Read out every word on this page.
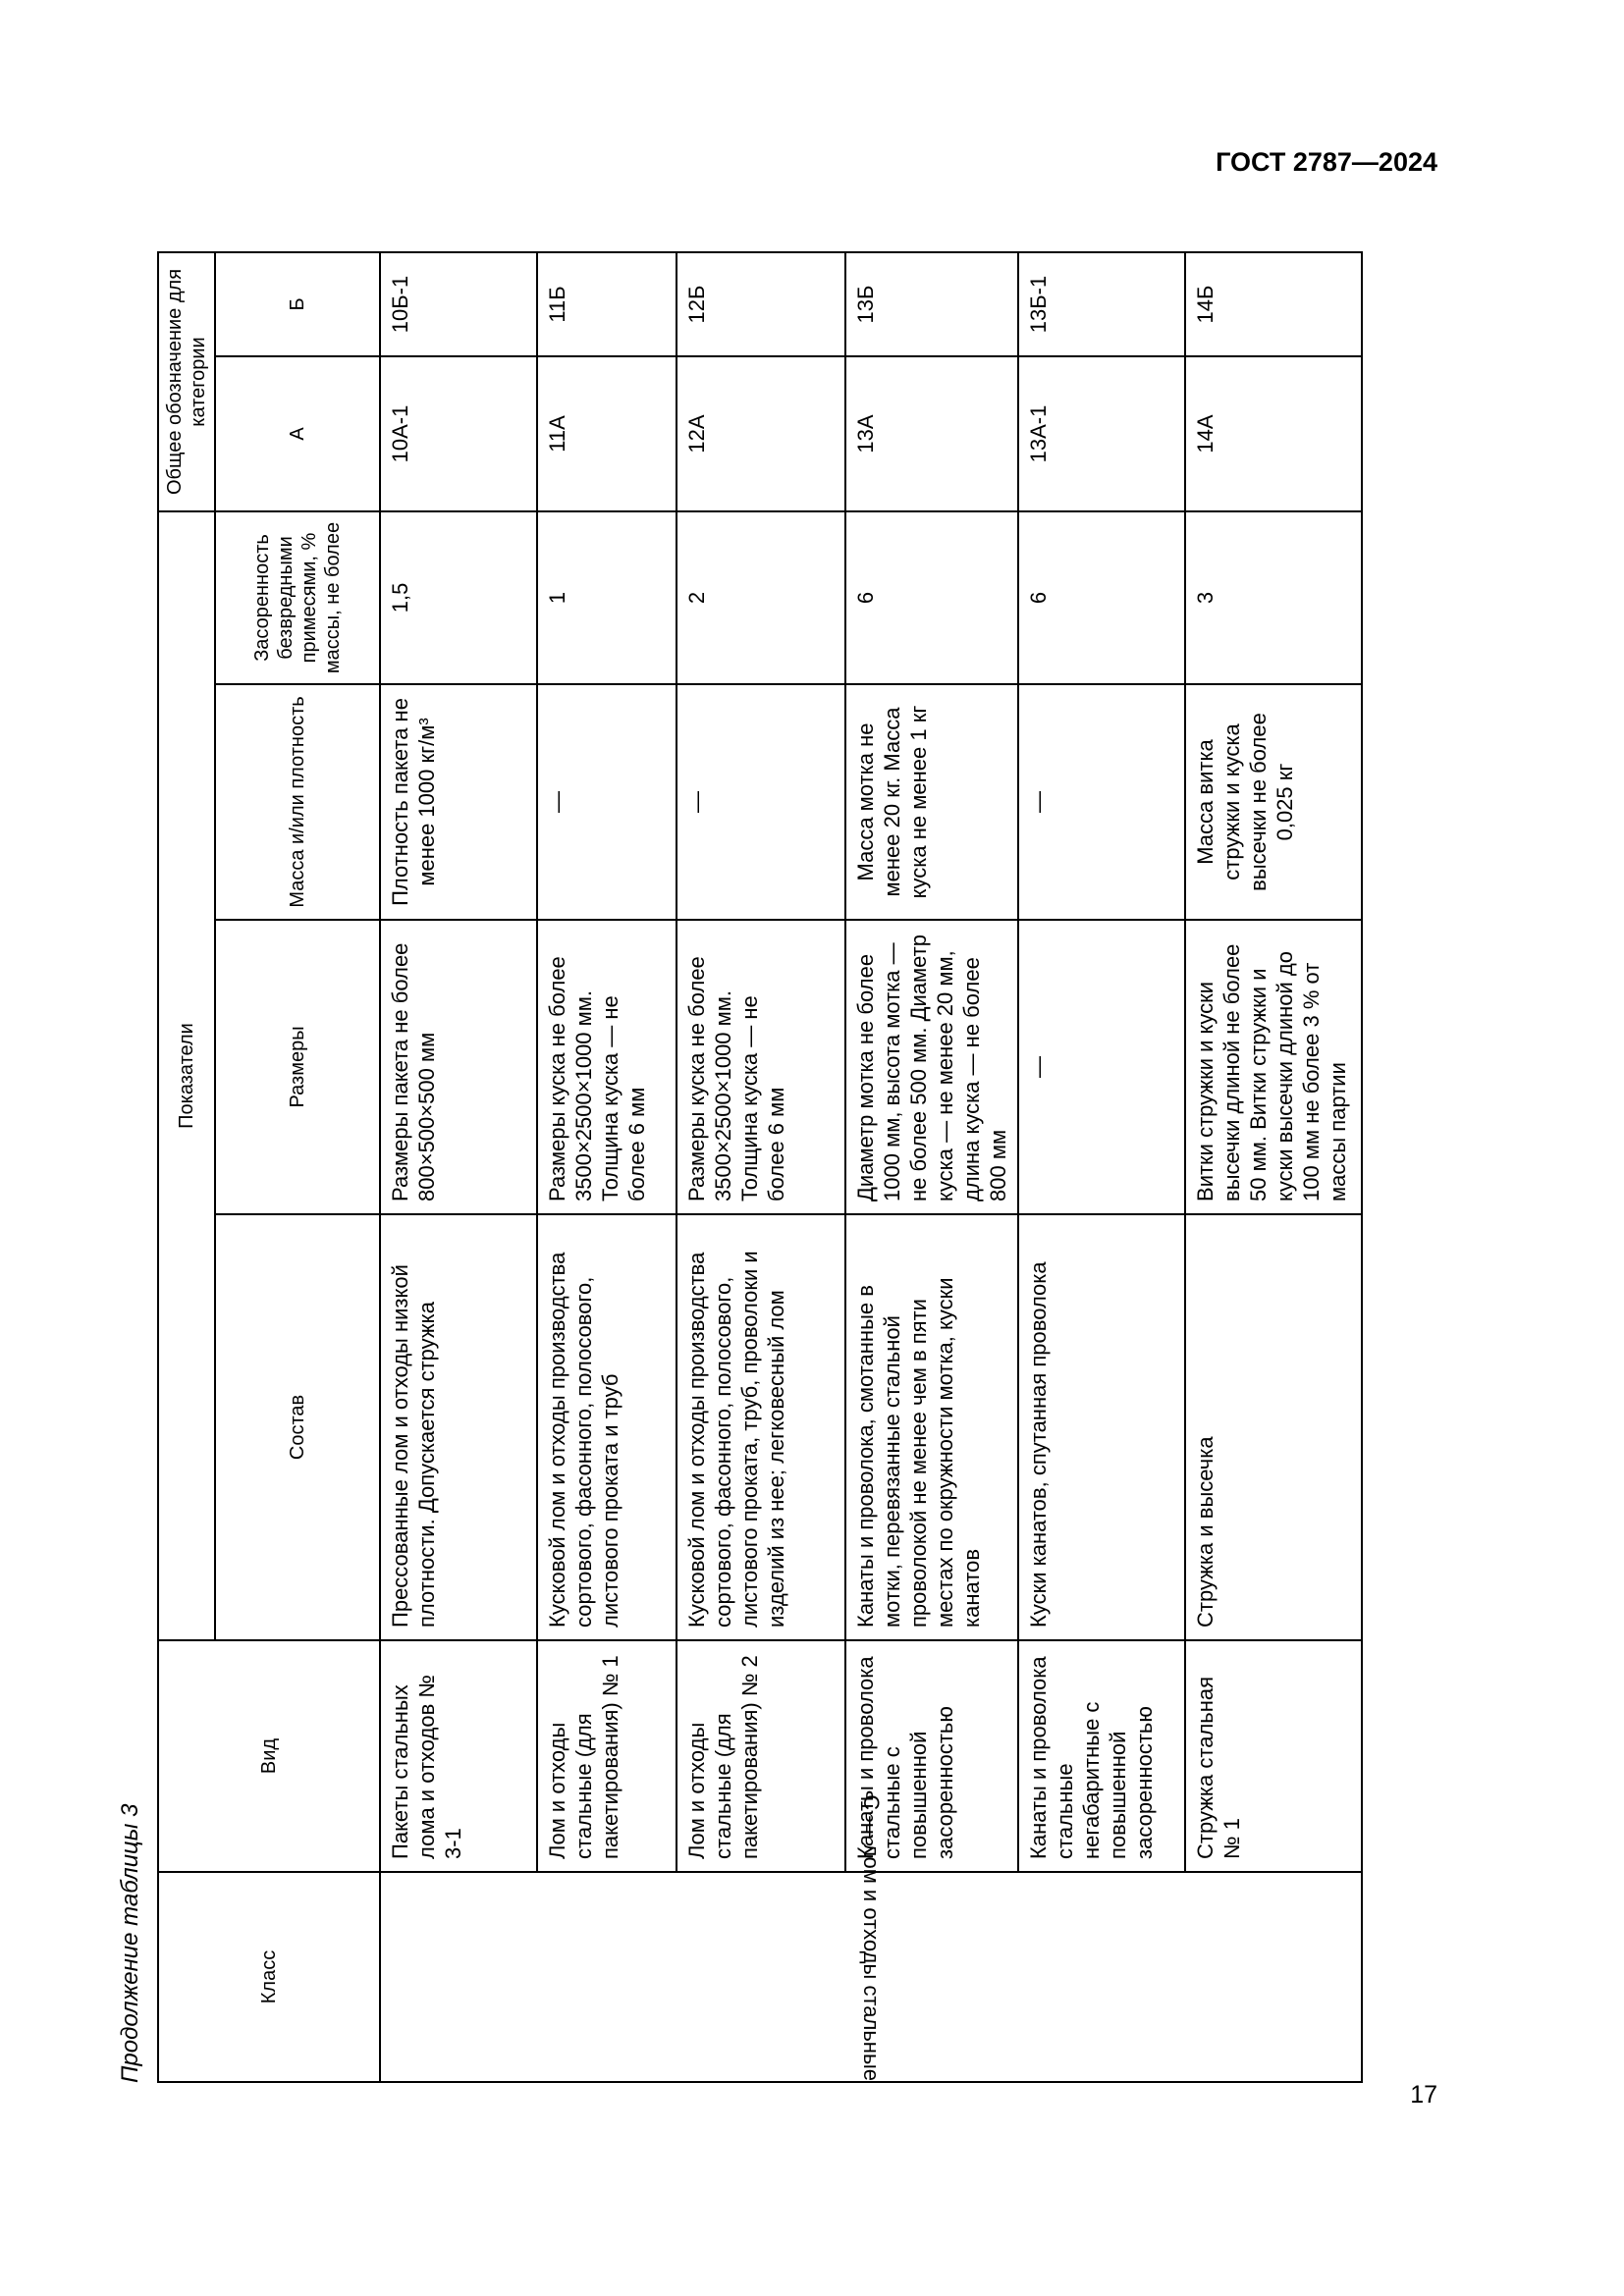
ГОСТ 2787—2024
Продолжение таблицы 3	Класс		Вид	Показатели				Общее обозначение для категории	
			Состав	Размеры	Масса и/или плотность	Засоренность безвредными примесями, % массы, не более	А	Б
С — лом и отходы стальные		Пакеты стальных лома и отходов № 3-1	Прессованные лом и отходы низкой плотности. Допускается стружка	Размеры пакета не более 800×500×500 мм	Плотность пакета не менее 1000 кг/м³	1,5	10А-1	10Б-1
		Лом и отходы стальные (для пакетирования) № 1	Кусковой лом и отходы производства сортового, фасонного, полосового, листового проката и труб	Размеры куска не более 3500×2500×1000 мм. Толщина куска — не более 6 мм	—	1	11А	11Б
		Лом и отходы стальные (для пакетирования) № 2	Кусковой лом и отходы производства сортового, фасонного, полосового, листового проката, труб, проволоки и изделий из нее; легковесный лом	Размеры куска не более 3500×2500×1000 мм. Толщина куска — не более 6 мм	—	2	12А	12Б
		Канаты и проволока стальные с повышенной засоренностью	Канаты и проволока, смотанные в мотки, перевязанные стальной проволокой не менее чем в пяти местах по окружности мотка, куски канатов	Диаметр мотка не более 1000 мм, высота мотка — не более 500 мм. Диаметр куска — не менее 20 мм, длина куска — не более 800 мм	Масса мотка не менее 20 кг. Масса куска не менее 1 кг	6	13А	13Б
		Канаты и проволока стальные негабаритные с повышенной засоренностью	Куски канатов, спутанная проволока	—	—	6	13А-1	13Б-1
		Стружка стальная № 1	Стружка и высечка	Витки стружки и куски высечки длиной не более 50 мм. Витки стружки и куски высечки длиной до 100 мм не более 3 % от массы партии	Масса витка стружки и куска высечки не более 0,025 кг	3	14А	14Б
17
